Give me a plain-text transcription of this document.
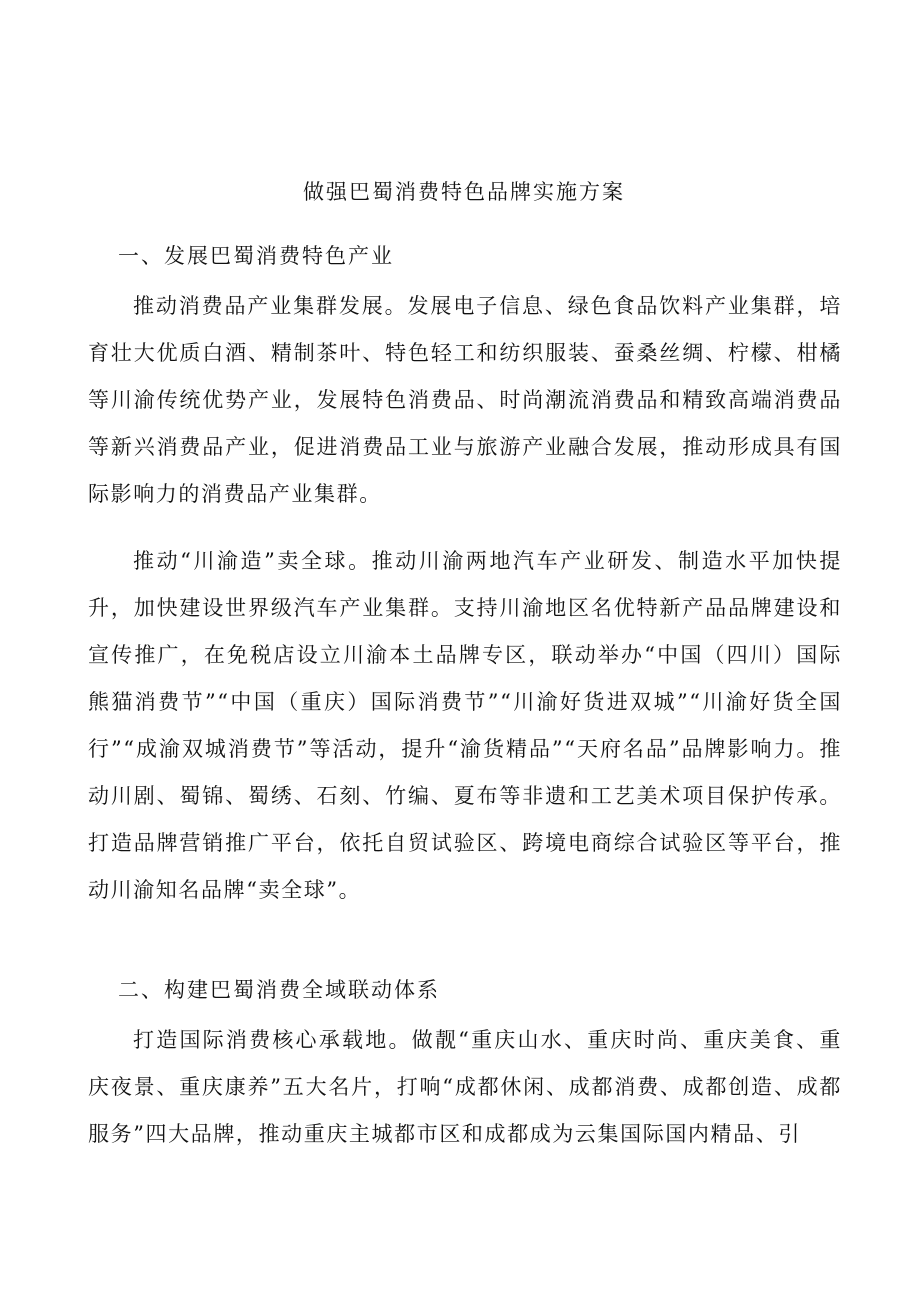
做强巴蜀消费特色品牌实施方案
一、发展巴蜀消费特色产业

推动消费品产业集群发展。发展电子信息、绿色食品饮料产业集群，培育壮大优质白酒、精制茶叶、特色轻工和纺织服装、蚕桑丝绸、柠檬、柑橘等川渝传统优势产业，发展特色消费品、时尚潮流消费品和精致高端消费品等新兴消费品产业，促进消费品工业与旅游产业融合发展，推动形成具有国际影响力的消费品产业集群。

推动“川渝造”卖全球。推动川渝两地汽车产业研发、制造水平加快提升，加快建设世界级汽车产业集群。支持川渝地区名优特新产品品牌建设和宣传推广，在免税店设立川渝本土品牌专区，联动举办“中国（四川）国际熊猫消费节”“中国（重庆）国际消费节”“川渝好货进双城”“川渝好货全国行”“成渝双城消费节”等活动，提升“渝货精品”“天府名品”品牌影响力。推动川剧、蜀锦、蜀绣、石刻、竹编、夏布等非遗和工艺美术项目保护传承。打造品牌营销推广平台，依托自贸试验区、跨境电商综合试验区等平台，推动川渝知名品牌“卖全球”。

二、构建巴蜀消费全域联动体系

打造国际消费核心承载地。做靓“重庆山水、重庆时尚、重庆美食、重庆夜景、重庆康养”五大名片，打响“成都休闲、成都消费、成都创造、成都服务”四大品牌，推动重庆主城都市区和成都成为云集国际国内精品、引
